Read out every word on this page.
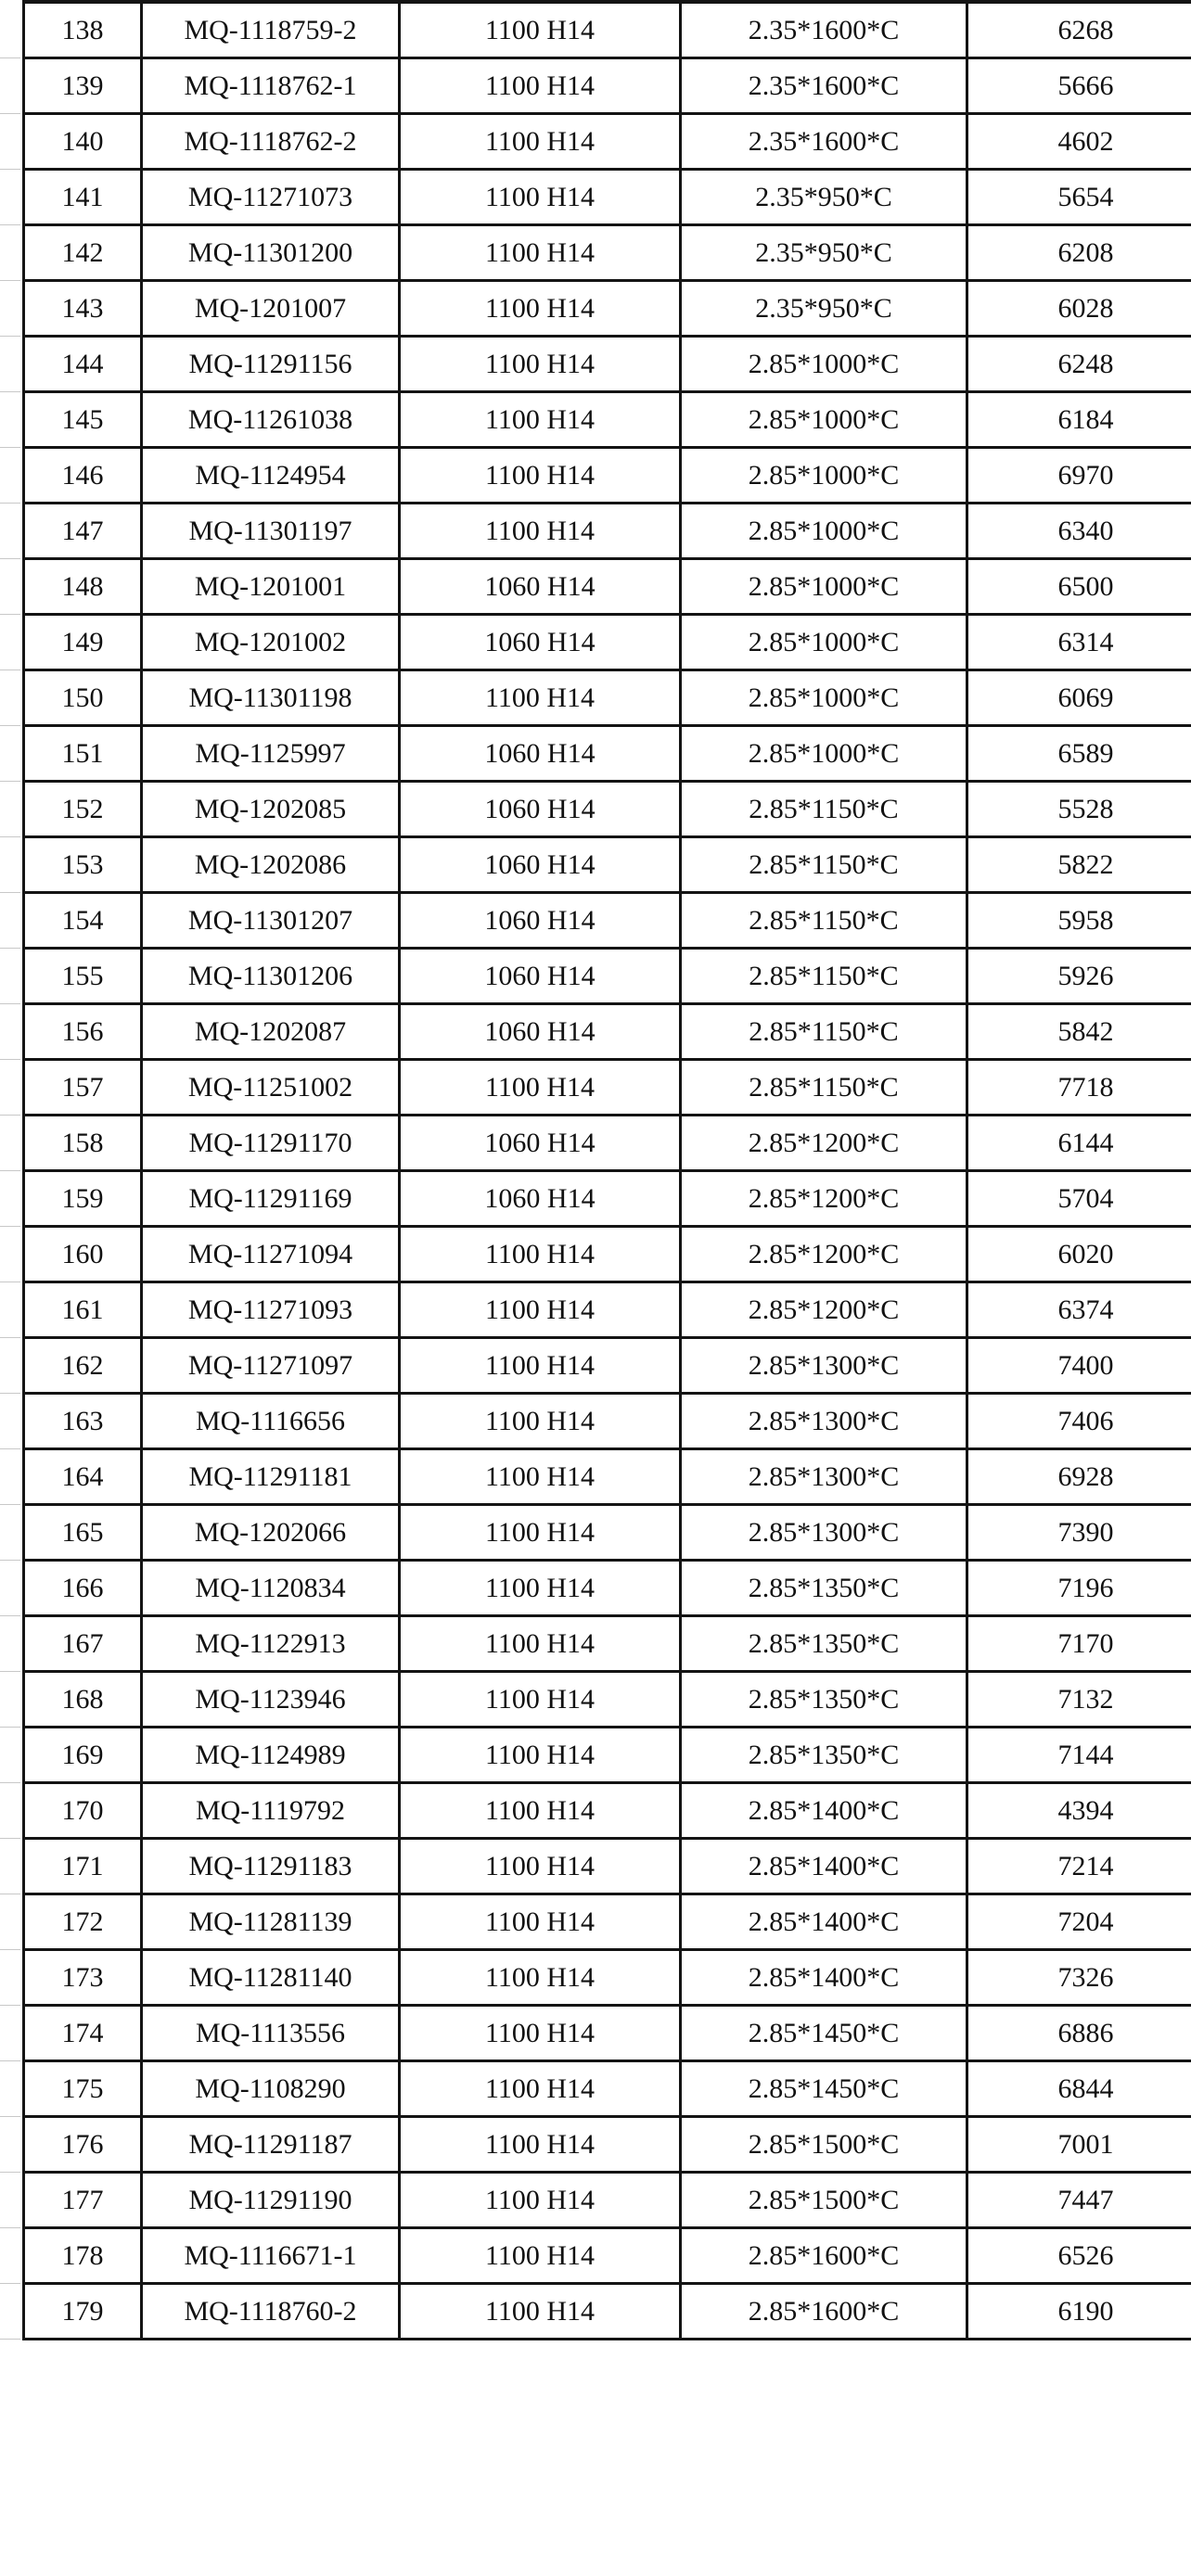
138	MQ-1118759-2	1100 H14	2.35*1600*C	6268
139	MQ-1118762-1	1100 H14	2.35*1600*C	5666
140	MQ-1118762-2	1100 H14	2.35*1600*C	4602
141	MQ-11271073	1100 H14	2.35*950*C	5654
142	MQ-11301200	1100 H14	2.35*950*C	6208
143	MQ-1201007	1100 H14	2.35*950*C	6028
144	MQ-11291156	1100 H14	2.85*1000*C	6248
145	MQ-11261038	1100 H14	2.85*1000*C	6184
146	MQ-1124954	1100 H14	2.85*1000*C	6970
147	MQ-11301197	1100 H14	2.85*1000*C	6340
148	MQ-1201001	1060 H14	2.85*1000*C	6500
149	MQ-1201002	1060 H14	2.85*1000*C	6314
150	MQ-11301198	1100 H14	2.85*1000*C	6069
151	MQ-1125997	1060 H14	2.85*1000*C	6589
152	MQ-1202085	1060 H14	2.85*1150*C	5528
153	MQ-1202086	1060 H14	2.85*1150*C	5822
154	MQ-11301207	1060 H14	2.85*1150*C	5958
155	MQ-11301206	1060 H14	2.85*1150*C	5926
156	MQ-1202087	1060 H14	2.85*1150*C	5842
157	MQ-11251002	1100 H14	2.85*1150*C	7718
158	MQ-11291170	1060 H14	2.85*1200*C	6144
159	MQ-11291169	1060 H14	2.85*1200*C	5704
160	MQ-11271094	1100 H14	2.85*1200*C	6020
161	MQ-11271093	1100 H14	2.85*1200*C	6374
162	MQ-11271097	1100 H14	2.85*1300*C	7400
163	MQ-1116656	1100 H14	2.85*1300*C	7406
164	MQ-11291181	1100 H14	2.85*1300*C	6928
165	MQ-1202066	1100 H14	2.85*1300*C	7390
166	MQ-1120834	1100 H14	2.85*1350*C	7196
167	MQ-1122913	1100 H14	2.85*1350*C	7170
168	MQ-1123946	1100 H14	2.85*1350*C	7132
169	MQ-1124989	1100 H14	2.85*1350*C	7144
170	MQ-1119792	1100 H14	2.85*1400*C	4394
171	MQ-11291183	1100 H14	2.85*1400*C	7214
172	MQ-11281139	1100 H14	2.85*1400*C	7204
173	MQ-11281140	1100 H14	2.85*1400*C	7326
174	MQ-1113556	1100 H14	2.85*1450*C	6886
175	MQ-1108290	1100 H14	2.85*1450*C	6844
176	MQ-11291187	1100 H14	2.85*1500*C	7001
177	MQ-11291190	1100 H14	2.85*1500*C	7447
178	MQ-1116671-1	1100 H14	2.85*1600*C	6526
179	MQ-1118760-2	1100 H14	2.85*1600*C	6190
